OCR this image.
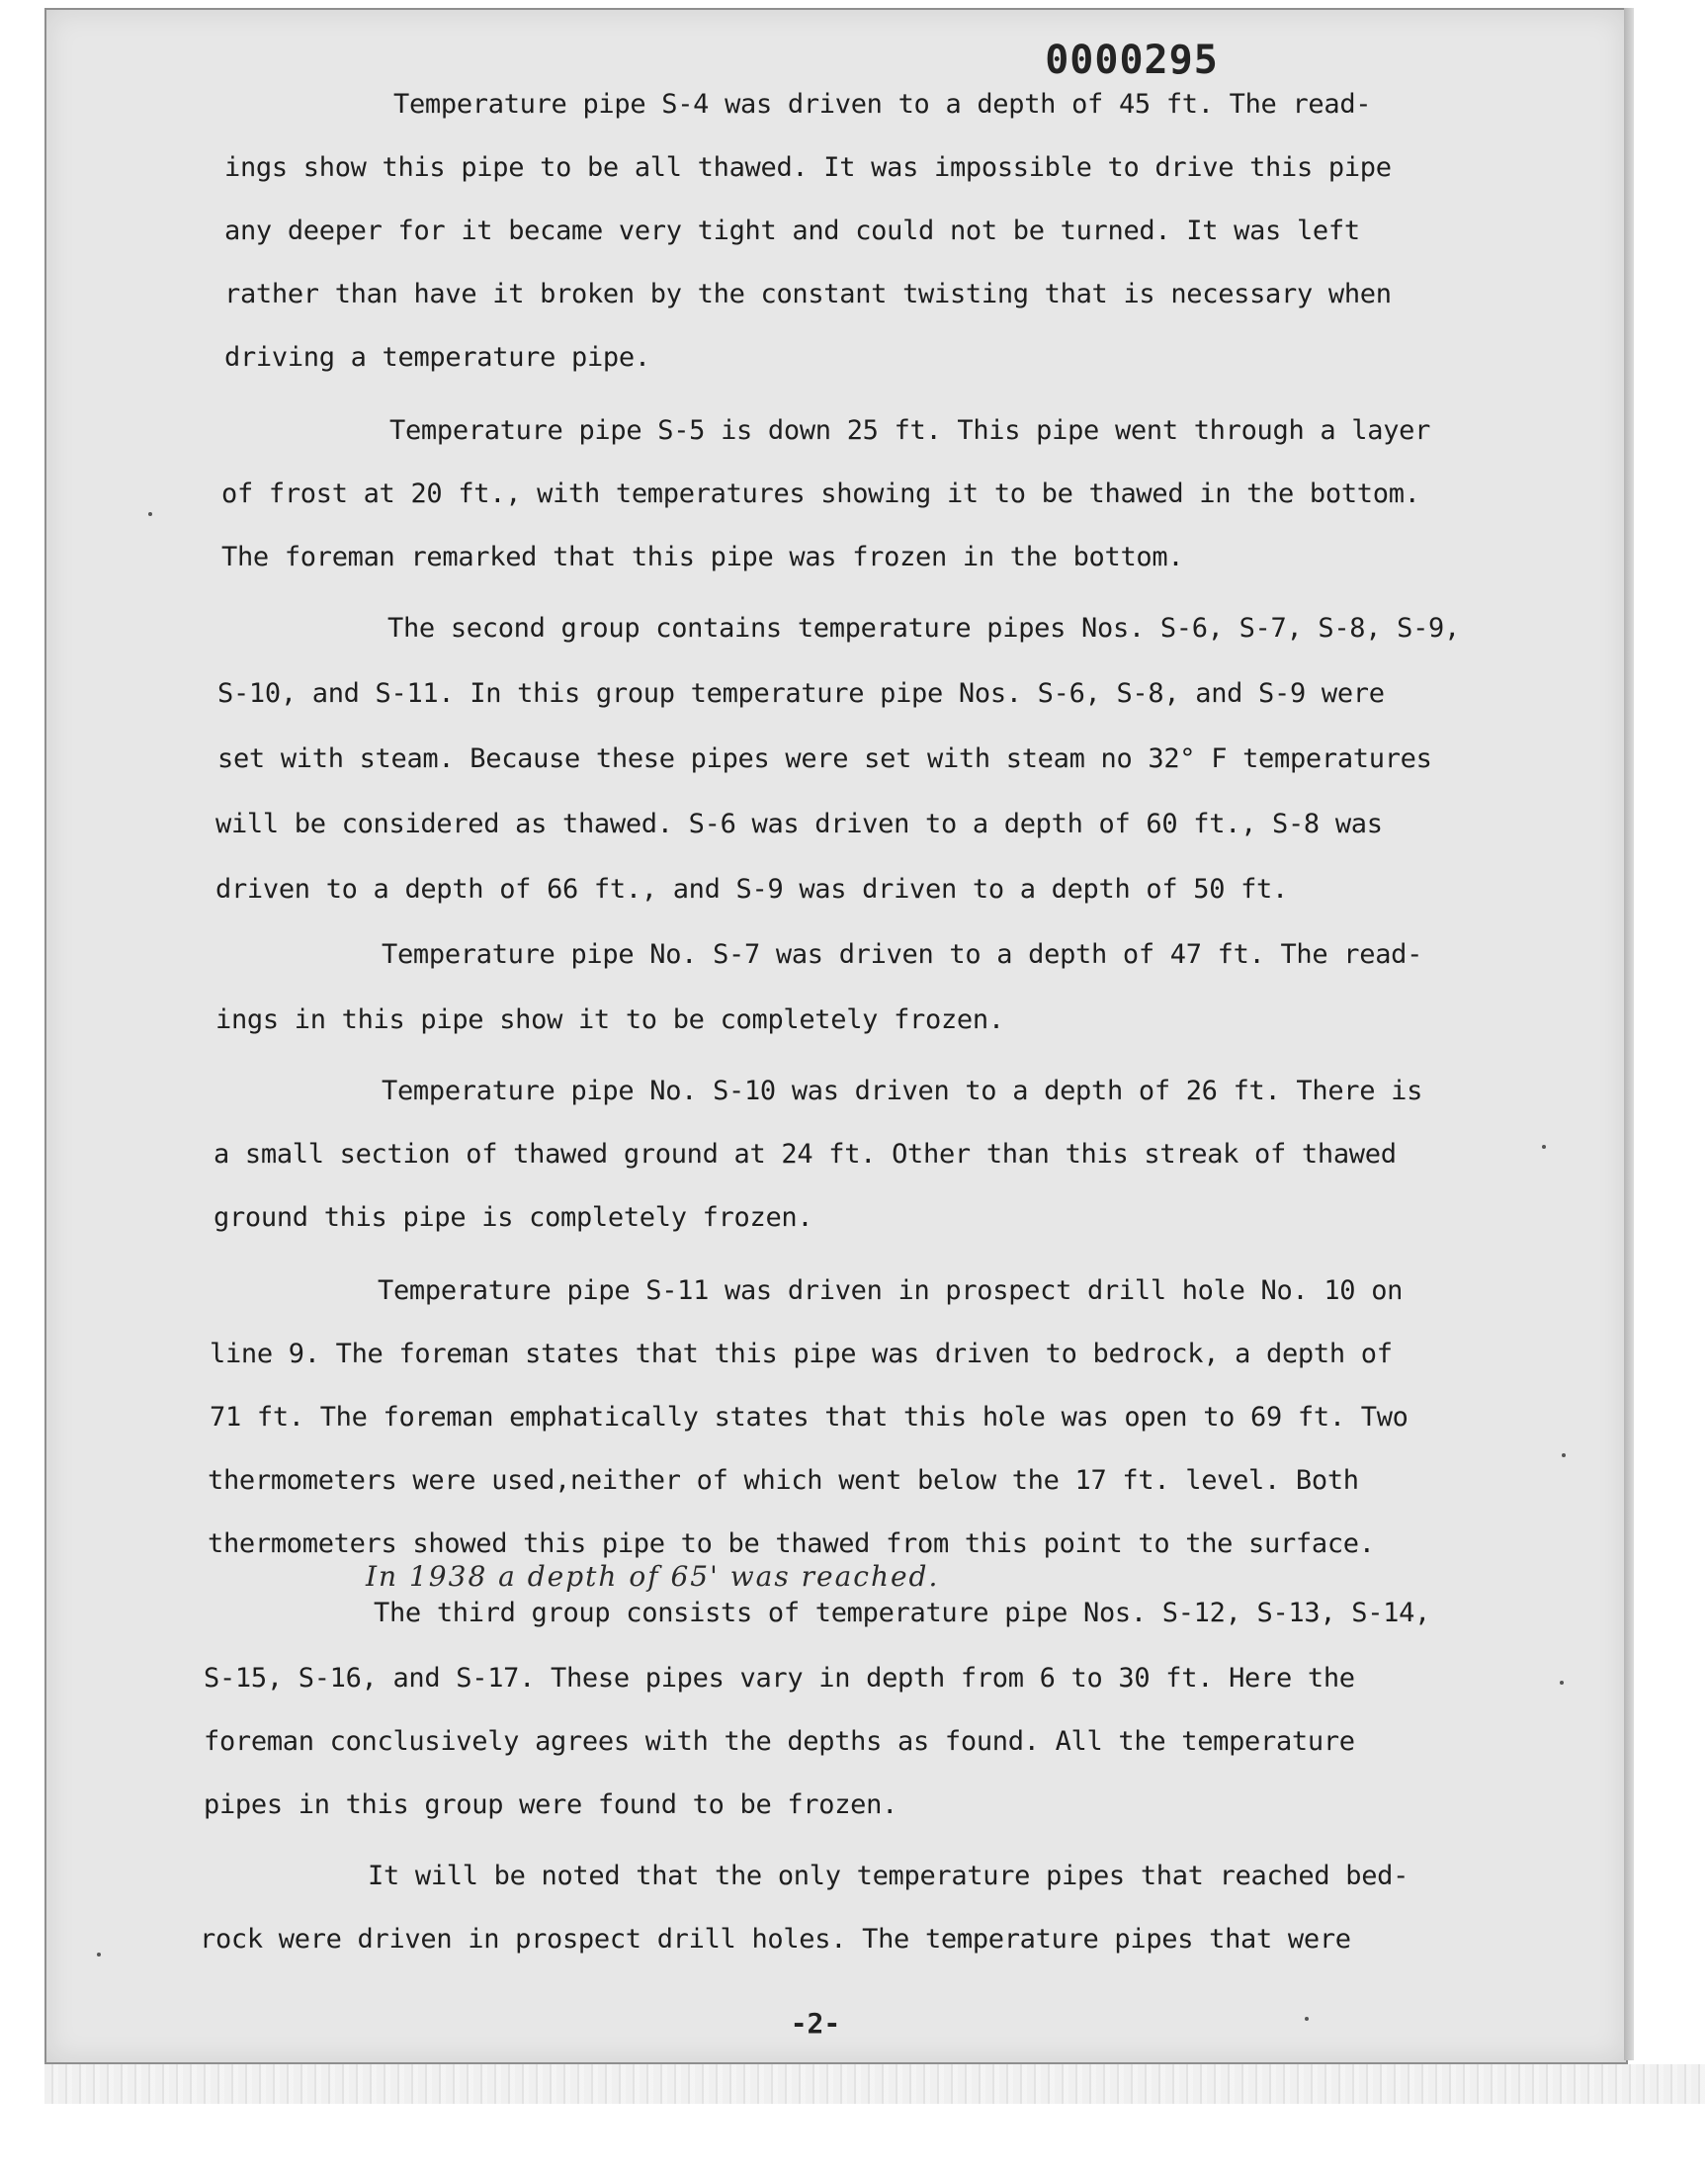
0000295

Temperature pipe S-4 was driven to a depth of 45 ft. The read-

ings show this pipe to be all thawed. It was impossible to drive this pipe

any deeper for it became very tight and could not be turned. It was left

rather than have it broken by the constant twisting that is necessary when

driving a temperature pipe.

Temperature pipe S-5 is down 25 ft. This pipe went through a layer

of frost at 20 ft., with temperatures showing it to be thawed in the bottom.

The foreman remarked that this pipe was frozen in the bottom.

The second group contains temperature pipes Nos. S-6, S-7, S-8, S-9,

S-10, and S-11. In this group temperature pipe Nos. S-6, S-8, and S-9 were

set with steam. Because these pipes were set with steam no 32° F temperatures

will be considered as thawed. S-6 was driven to a depth of 60 ft., S-8 was

driven to a depth of 66 ft., and S-9 was driven to a depth of 50 ft.

Temperature pipe No. S-7 was driven to a depth of 47 ft. The read-

ings in this pipe show it to be completely frozen.

Temperature pipe No. S-10 was driven to a depth of 26 ft. There is

a small section of thawed ground at 24 ft. Other than this streak of thawed

ground this pipe is completely frozen.

Temperature pipe S-11 was driven in prospect drill hole No. 10 on

line 9. The foreman states that this pipe was driven to bedrock, a depth of

71 ft. The foreman emphatically states that this hole was open to 69 ft. Two

thermometers were used,neither of which went below the 17 ft. level. Both

thermometers showed this pipe to be thawed from this point to the surface.

In 1938 a depth of 65' was reached.

The third group consists of temperature pipe Nos. S-12, S-13, S-14,

S-15, S-16, and S-17. These pipes vary in depth from 6 to 30 ft. Here the

foreman conclusively agrees with the depths as found. All the temperature

pipes in this group were found to be frozen.

It will be noted that the only temperature pipes that reached bed-

rock were driven in prospect drill holes. The temperature pipes that were

-2-
